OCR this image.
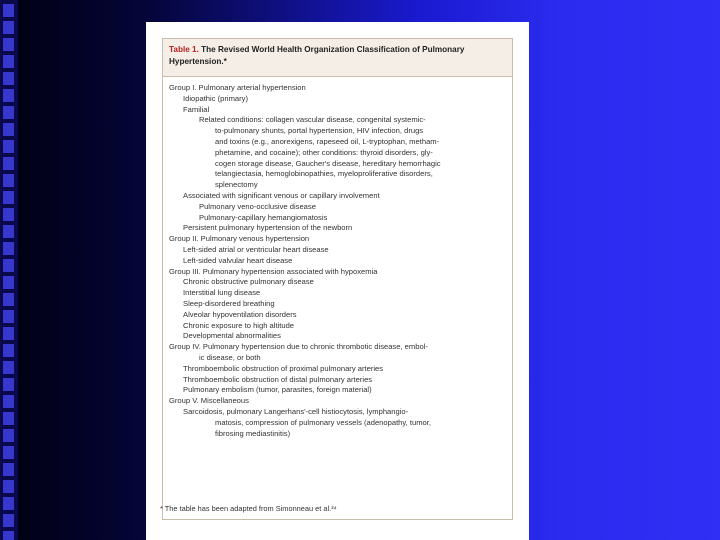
Table 1. The Revised World Health Organization Classification of Pulmonary
Hypertension.*
Group I. Pulmonary arterial hypertension
Idiopathic (primary)
Familial
Related conditions: collagen vascular disease, congenital systemic-
to-pulmonary shunts, portal hypertension, HIV infection, drugs
and toxins (e.g., anorexigens, rapeseed oil, L-tryptophan, metham-
phetamine, and cocaine); other conditions: thyroid disorders, gly-
cogen storage disease, Gaucher's disease, hereditary hemorrhagic
telangiectasia, hemoglobinopathies, myeloproliferative disorders,
splenectomy
Associated with significant venous or capillary involvement
Pulmonary veno-occlusive disease
Pulmonary-capillary hemangiomatosis
Persistent pulmonary hypertension of the newborn
Group II. Pulmonary venous hypertension
Left-sided atrial or ventricular heart disease
Left-sided valvular heart disease
Group III. Pulmonary hypertension associated with hypoxemia
Chronic obstructive pulmonary disease
Interstitial lung disease
Sleep-disordered breathing
Alveolar hypoventilation disorders
Chronic exposure to high altitude
Developmental abnormalities
Group IV. Pulmonary hypertension due to chronic thrombotic disease, embol-
ic disease, or both
Thromboembolic obstruction of proximal pulmonary arteries
Thromboembolic obstruction of distal pulmonary arteries
Pulmonary embolism (tumor, parasites, foreign material)
Group V. Miscellaneous
Sarcoidosis, pulmonary Langerhans'-cell histiocytosis, lymphangio-
matosis, compression of pulmonary vessels (adenopathy, tumor,
fibrosing mediastinitis)
* The table has been adapted from Simonneau et al.²⁴
